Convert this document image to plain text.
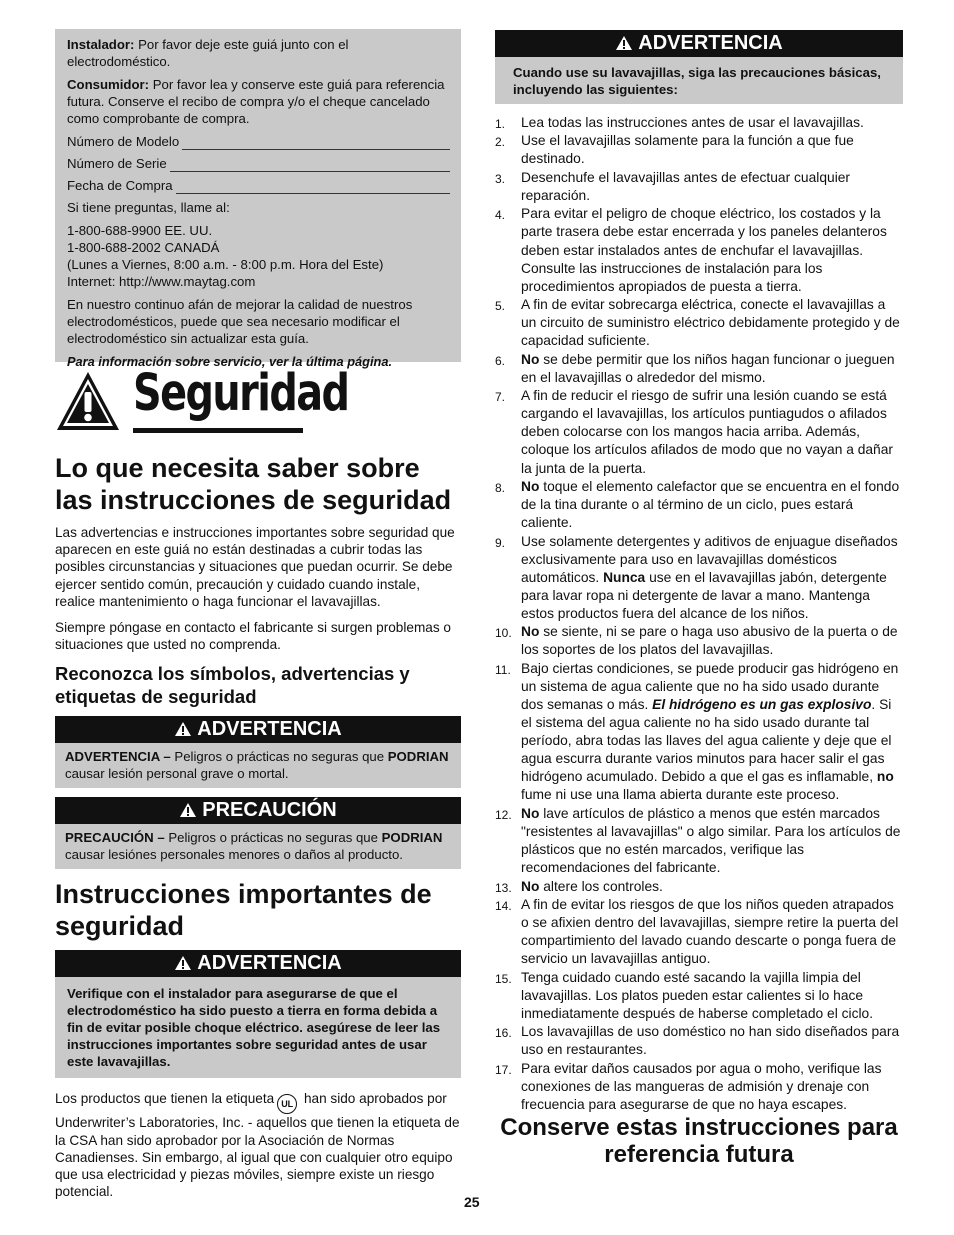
Instalador: Por favor deje este guiá junto con el electrodoméstico.

Consumidor: Por favor lea y conserve este guiá para referencia futura. Conserve el recibo de compra y/o el cheque cancelado como comprobante de compra.

Número de Modelo
Número de Serie
Fecha de Compra

Si tiene preguntas, llame al:

1-800-688-9900 EE. UU.
1-800-688-2002 CANADÁ
(Lunes a Viernes, 8:00 a.m. - 8:00 p.m. Hora del Este)
Internet: http://www.maytag.com

En nuestro continuo afán de mejorar la calidad de nuestros electrodomésticos, puede que sea necesario modificar el electrodoméstico sin actualizar esta guía.

Para información sobre servicio, ver la última página.

Seguridad
Lo que necesita saber sobre las instrucciones de seguridad

Las advertencias e instrucciones importantes sobre seguridad que aparecen en este guiá no están destinadas a cubrir todas las posibles circunstancias y situaciones que puedan ocurrir. Se debe ejercer sentido común, precaución y cuidado cuando instale, realice mantenimiento o haga funcionar el lavavajillas.

Siempre póngase en contacto el fabricante si surgen problemas o situaciones que usted no comprenda.

Reconozca los símbolos, advertencias y etiquetas de seguridad
ADVERTENCIA
ADVERTENCIA – Peligros o prácticas no seguras que PODRIAN causar lesión personal grave o mortal.
PRECAUCIÓN
PRECAUCIÓN – Peligros o prácticas no seguras que PODRIAN causar lesiónes personales menores o daños al producto.
Instrucciones importantes de seguridad
ADVERTENCIA
Verifique con el instalador para asegurarse de que el electrodoméstico ha sido puesto a tierra en forma debida a fin de evitar posible choque eléctrico. asegúrese de leer las instrucciones importantes sobre seguridad antes de usar este lavavajillas.

Los productos que tienen la etiqueta UL han sido aprobados por Underwriter’s Laboratories, Inc. - aquellos que tienen la etiqueta de la CSA han sido aprobador por la Asociación de Normas Canadienses. Sin embargo, al igual que con cualquier otro equipo que usa electricidad y piezas móviles, siempre existe un riesgo potencial.

ADVERTENCIA
Cuando use su lavavajillas, siga las precauciones básicas, incluyendo las siguientes:
1. Lea todas las instrucciones antes de usar el lavavajillas.
2. Use el lavavajillas solamente para la función a que fue destinado.
3. Desenchufe el lavavajillas antes de efectuar cualquier reparación.
4. Para evitar el peligro de choque eléctrico, los costados y la parte trasera debe estar encerrada y los paneles delanteros deben estar instalados antes de enchufar el lavavajillas. Consulte las instrucciones de instalación para los procedimientos apropiados de puesta a tierra.
5. A fin de evitar sobrecarga eléctrica, conecte el lavavajillas a un circuito de suministro eléctrico debidamente protegido y de capacidad suficiente.
6. No se debe permitir que los niños hagan funcionar o jueguen en el lavavajillas o alrededor del mismo.
7. A fin de reducir el riesgo de sufrir una lesión cuando se está cargando el lavavajillas, los artículos puntiagudos o afilados deben colocarse con los mangos hacia arriba. Además, coloque los artículos afilados de modo que no vayan a dañar la junta de la puerta.
8. No toque el elemento calefactor que se encuentra en el fondo de la tina durante o al término de un ciclo, pues estará caliente.
9. Use solamente detergentes y aditivos de enjuague diseñados exclusivamente para uso en lavavajillas domésticos automáticos. Nunca use en el lavavajillas jabón, detergente para lavar ropa ni detergente de lavar a mano. Mantenga estos productos fuera del alcance de los niños.
10. No se siente, ni se pare o haga uso abusivo de la puerta o de los soportes de los platos del lavavajillas.
11. Bajo ciertas condiciones, se puede producir gas hidrógeno en un sistema de agua caliente que no ha sido usado durante dos semanas o más. El hidrógeno es un gas explosivo. Si el sistema del agua caliente no ha sido usado durante tal período, abra todas las llaves del agua caliente y deje que el agua escurra durante varios minutos para hacer salir el gas hidrógeno acumulado. Debido a que el gas es inflamable, no fume ni use una llama abierta durante este proceso.
12. No lave artículos de plástico a menos que estén marcados "resistentes al lavavajillas" o algo similar. Para los artículos de plásticos que no estén marcados, verifique las recomendaciones del fabricante.
13. No altere los controles.
14. A fin de evitar los riesgos de que los niños queden atrapados o se afixien dentro del lavavajillas, siempre retire la puerta del compartimiento del lavado cuando descarte o ponga fuera de servicio un lavavajillas antiguo.
15. Tenga cuidado cuando esté sacando la vajilla limpia del lavavajillas. Los platos pueden estar calientes si lo hace inmediatamente después de haberse completado el ciclo.
16. Los lavavajillas de uso doméstico no han sido diseñados para uso en restaurantes.
17. Para evitar daños causados por agua o moho, verifique las conexiones de las mangueras de admisión y drenaje con frecuencia para asegurarse de que no haya escapes.
Conserve estas instrucciones para referencia futura
25
